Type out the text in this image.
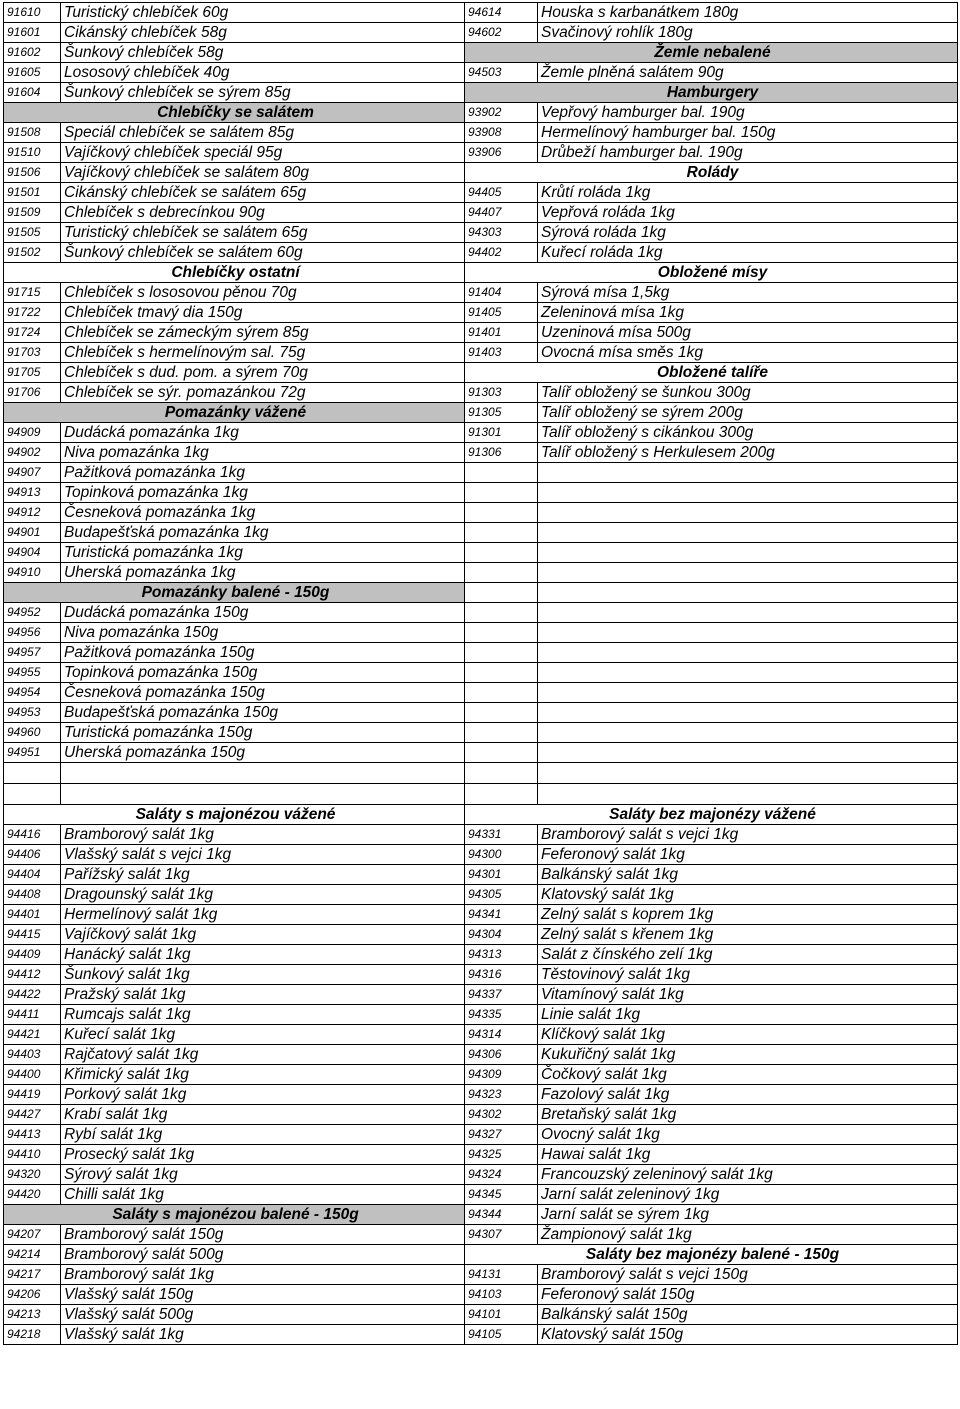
91610	Turistický chlebíček 60g	94614	Houska s karbanátkem 180g
91601	Cikánský chlebíček 58g	94602	Svačinový rohlík 180g
91602	Šunkový chlebíček 58g	Žemle nebalené	
91605	Lososový chlebíček 40g	94503	Žemle plněná salátem 90g
91604	Šunkový chlebíček se sýrem 85g	Hamburgery	
Chlebíčky se salátem		93902	Vepřový hamburger bal. 190g
91508	Speciál chlebíček se salátem 85g	93908	Hermelínový hamburger bal. 150g
91510	Vajíčkový chlebíček speciál 95g	93906	Drůbeží hamburger bal. 190g
91506	Vajíčkový chlebíček se salátem 80g	Rolády	
91501	Cikánský chlebíček se salátem 65g	94405	Krůtí roláda 1kg
91509	Chlebíček s debrecínkou 90g	94407	Vepřová roláda 1kg
91505	Turistický chlebíček se salátem 65g	94303	Sýrová roláda 1kg
91502	Šunkový chlebíček se salátem 60g	94402	Kuřecí roláda 1kg
Chlebíčky ostatní		Obložené mísy	
91715	Chlebíček s lososovou pěnou 70g	91404	Sýrová mísa 1,5kg
91722	Chlebíček tmavý dia 150g	91405	Zeleninová mísa 1kg
91724	Chlebíček se zámeckým sýrem 85g	91401	Uzeninová mísa 500g
91703	Chlebíček s hermelínovým sal. 75g	91403	Ovocná mísa směs 1kg
91705	Chlebíček s dud. pom. a sýrem 70g	Obložené talíře	
91706	Chlebíček se sýr. pomazánkou 72g	91303	Talíř obložený se šunkou 300g
Pomazánky vážené		91305	Talíř obložený se sýrem 200g
94909	Dudácká pomazánka 1kg	91301	Talíř obložený s cikánkou 300g
94902	Niva pomazánka 1kg	91306	Talíř obložený s Herkulesem 200g
94907	Pažitková pomazánka 1kg		
94913	Topinková pomazánka 1kg		
94912	Česneková pomazánka 1kg		
94901	Budapešťská pomazánka 1kg		
94904	Turistická pomazánka 1kg		
94910	Uherská pomazánka 1kg		
Pomazánky balené - 150g			
94952	Dudácká pomazánka 150g		
94956	Niva pomazánka 150g		
94957	Pažitková pomazánka 150g		
94955	Topinková pomazánka 150g		
94954	Česneková pomazánka 150g		
94953	Budapešťská pomazánka 150g		
94960	Turistická pomazánka 150g		
94951	Uherská pomazánka 150g		

Saláty s majonézou vážené		Saláty bez majonézy vážené	
94416	Bramborový salát 1kg	94331	Bramborový salát s vejci 1kg
94406	Vlašský salát s vejci 1kg	94300	Feferonový salát 1kg
94404	Pařížský salát 1kg	94301	Balkánský salát 1kg
94408	Dragounský salát 1kg	94305	Klatovský salát 1kg
94401	Hermelínový salát 1kg	94341	Zelný salát s koprem 1kg
94415	Vajíčkový salát 1kg	94304	Zelný salát s křenem 1kg
94409	Hanácký salát 1kg	94313	Salát z čínského zelí 1kg
94412	Šunkový salát 1kg	94316	Těstovinový salát 1kg
94422	Pražský salát 1kg	94337	Vitamínový salát 1kg
94411	Rumcajs salát 1kg	94335	Linie salát 1kg
94421	Kuřecí salát 1kg	94314	Klíčkový salát 1kg
94403	Rajčatový salát 1kg	94306	Kukuřičný salát 1kg
94400	Křimický salát 1kg	94309	Čočkový salát 1kg
94419	Porkový salát 1kg	94323	Fazolový salát 1kg
94427	Krabí salát 1kg	94302	Bretaňský salát 1kg
94413	Rybí salát 1kg	94327	Ovocný salát 1kg
94410	Prosecký salát 1kg	94325	Hawai salát 1kg
94320	Sýrový salát 1kg	94324	Francouzský zeleninový salát 1kg
94420	Chilli salát 1kg	94345	Jarní salát zeleninový 1kg
Saláty s majonézou balené - 150g		94344	Jarní salát se sýrem 1kg
94207	Bramborový salát 150g	94307	Žampionový salát 1kg
94214	Bramborový salát 500g	Saláty bez majonézy balené - 150g	
94217	Bramborový salát 1kg	94131	Bramborový salát s vejci 150g
94206	Vlašský salát 150g	94103	Feferonový salát 150g
94213	Vlašský salát 500g	94101	Balkánský salát 150g
94218	Vlašský salát 1kg	94105	Klatovský salát 150g
